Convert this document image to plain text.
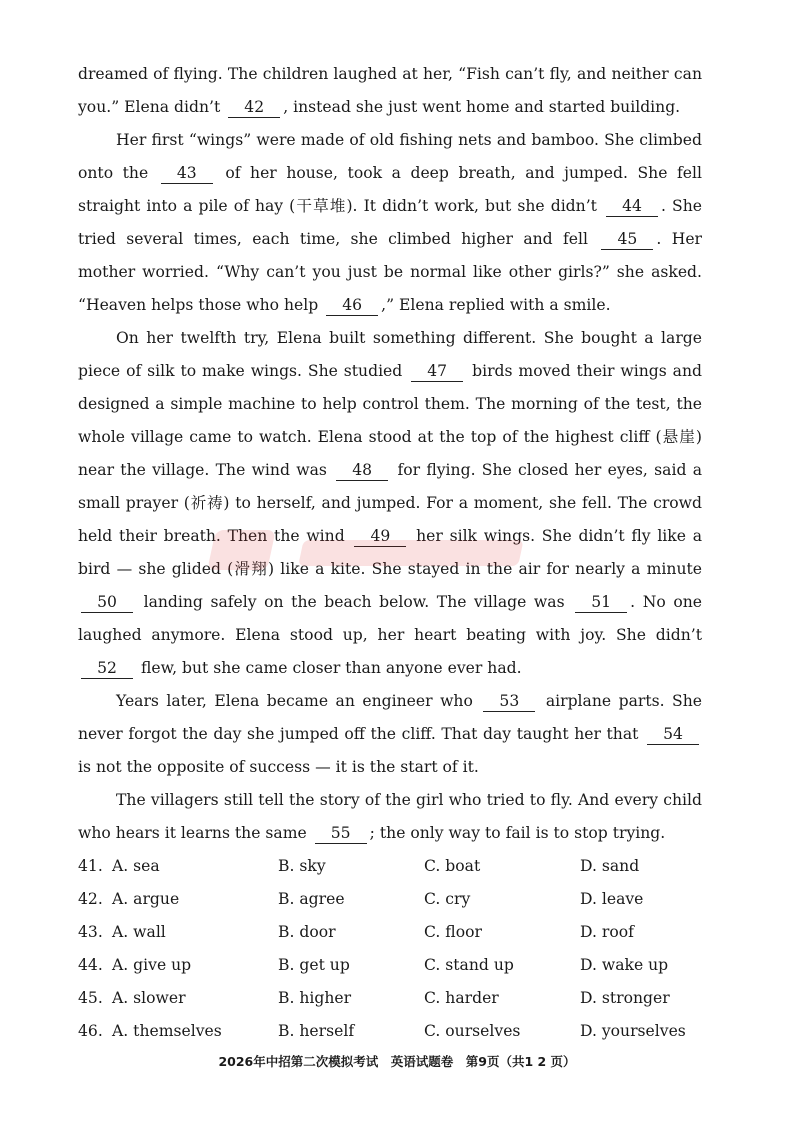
dreamed of flying. The children laughed at her, “Fish can’t fly, and neither can you.” Elena didn’t 42 , instead she just went home and started building.

Her first “wings” were made of old fishing nets and bamboo. She climbed onto the 43 of her house, took a deep breath, and jumped. She fell straight into a pile of hay (干草堆). It didn’t work, but she didn’t 44 . She tried several times, each time, she climbed higher and fell 45 . Her mother worried. “Why can’t you just be normal like other girls?” she asked. “Heaven helps those who help 46 ,” Elena replied with a smile.

On her twelfth try, Elena built something different. She bought a large piece of silk to make wings. She studied 47 birds moved their wings and designed a simple machine to help control them. The morning of the test, the whole village came to watch. Elena stood at the top of the highest cliff (悬崖) near the village. The wind was 48 for flying. She closed her eyes, said a small prayer (祈祷) to herself, and jumped. For a moment, she fell. The crowd held their breath. Then the wind 49 her silk wings. She didn’t fly like a bird — she glided (滑翔) like a kite. She stayed in the air for nearly a minute 50 landing safely on the beach below. The village was 51 . No one laughed anymore. Elena stood up, her heart beating with joy. She didn’t 52 flew, but she came closer than anyone ever had.

Years later, Elena became an engineer who 53 airplane parts. She never forgot the day she jumped off the cliff. That day taught her that 54 is not the opposite of success — it is the start of it.

The villagers still tell the story of the girl who tried to fly. And every child who hears it learns the same 55 ; the only way to fail is to stop trying.

41. A. sea	B. sky	C. boat	D. sand
42. A. argue	B. agree	C. cry	D. leave
43. A. wall	B. door	C. floor	D. roof
44. A. give up	B. get up	C. stand up	D. wake up
45. A. slower	B. higher	C. harder	D. stronger
46. A. themselves	B. herself	C. ourselves	D. yourselves
2026年中招第二次模拟考试　英语试题卷　第9页（共1 2 页）
